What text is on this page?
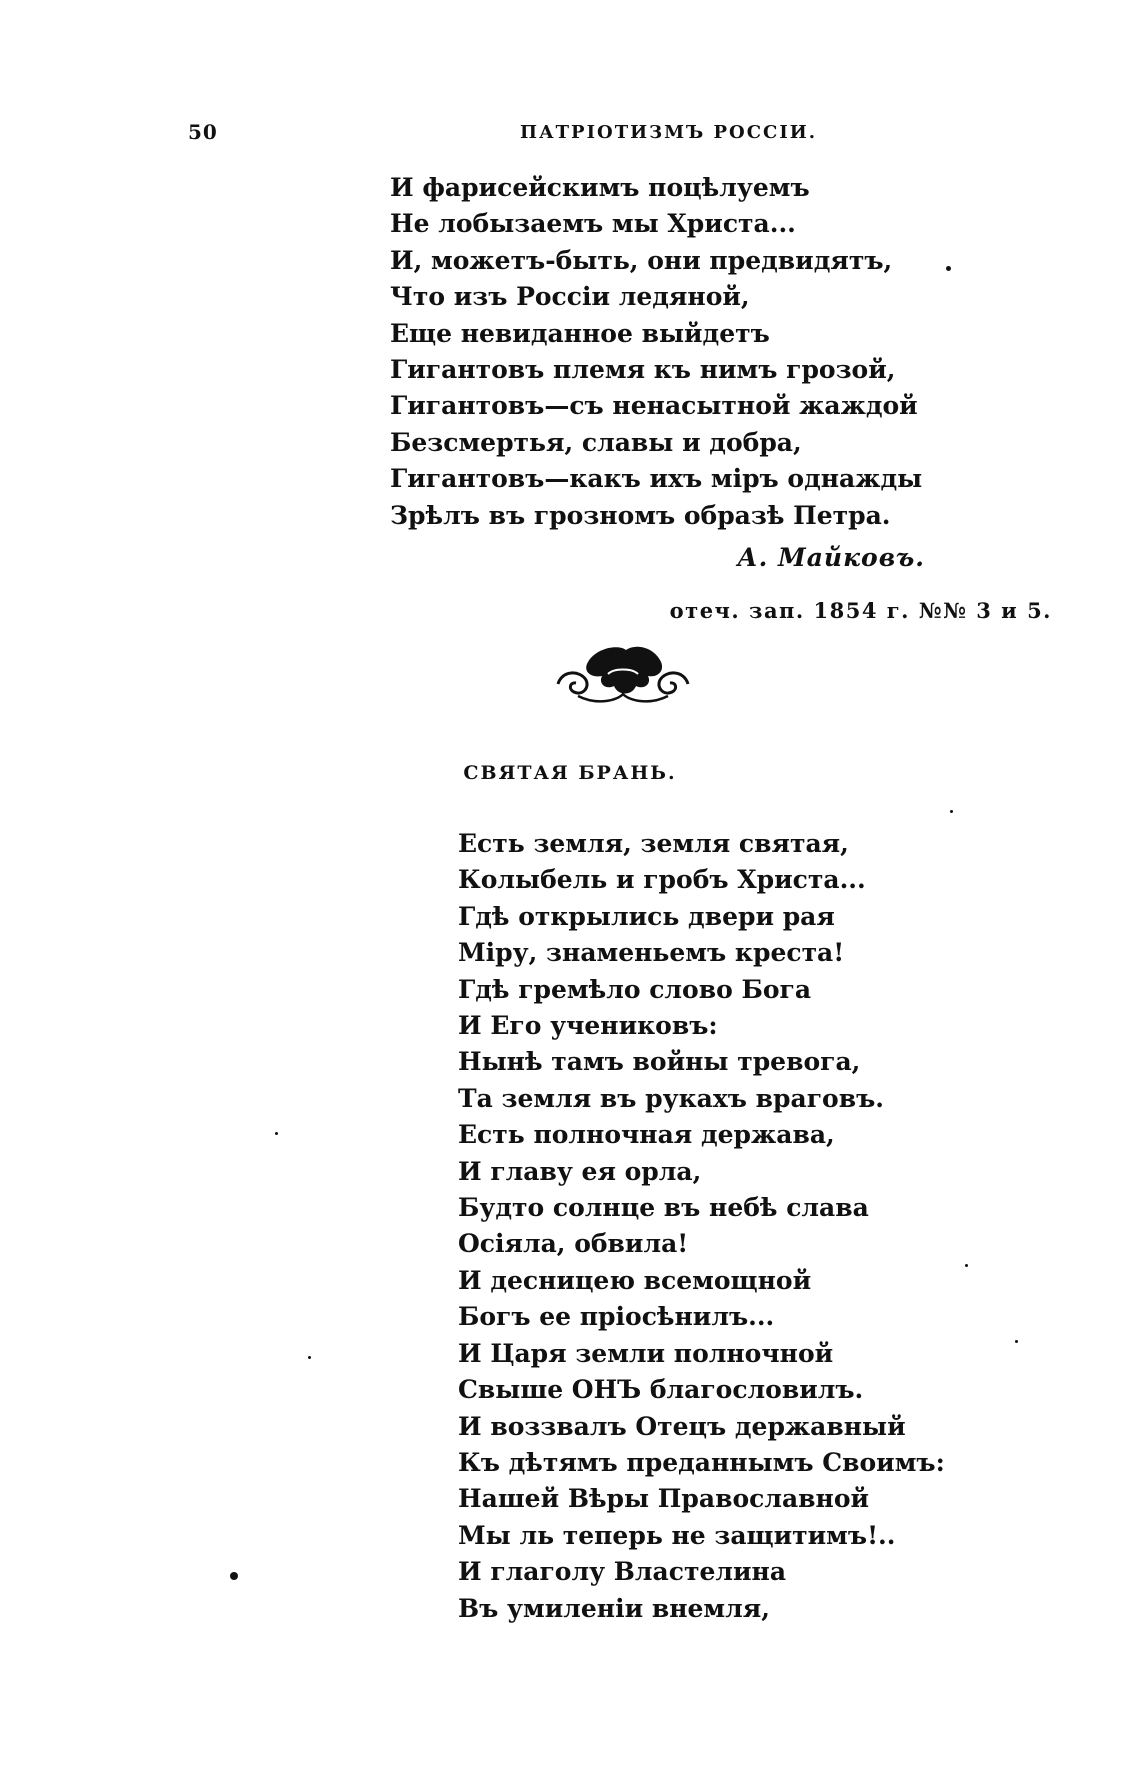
50	ПАТРІОТИЗМЪ РОССІИ.
И фарисейскимъ поцѣлуемъ
Не лобызаемъ мы Христа...
И, можетъ-быть, они предвидятъ,
Что изъ Россіи ледяной,
Еще невиданное выйдетъ
Гигантовъ племя къ нимъ грозой,
Гигантовъ—съ ненасытной жаждой
Безсмертья, славы и добра,
Гигантовъ—какъ ихъ міръ однажды
Зрѣлъ въ грозномъ образѣ Петра.
А. Майковъ.
отеч. зап. 1854 г. №№ 3 и 5.
СВЯТАЯ БРАНЬ.
Есть земля, земля святая,
Колыбель и гробъ Христа...
Гдѣ открылись двери рая
Міру, знаменьемъ креста!
Гдѣ гремѣло слово Бога
И Его учениковъ:
Нынѣ тамъ войны тревога,
Та земля въ рукахъ враговъ.
Есть полночная держава,
И главу ея орла,
Будто солнце въ небѣ слава
Осіяла, обвила!
И десницею всемощной
Богъ ее пріосѣнилъ...
И Царя земли полночной
Свыше ОНЪ благословилъ.
И воззвалъ Отецъ державный
Къ дѣтямъ преданнымъ Своимъ:
Нашей Вѣры Православной
Мы ль теперь не защитимъ!..
И глаголу Властелина
Въ умиленіи внемля,
